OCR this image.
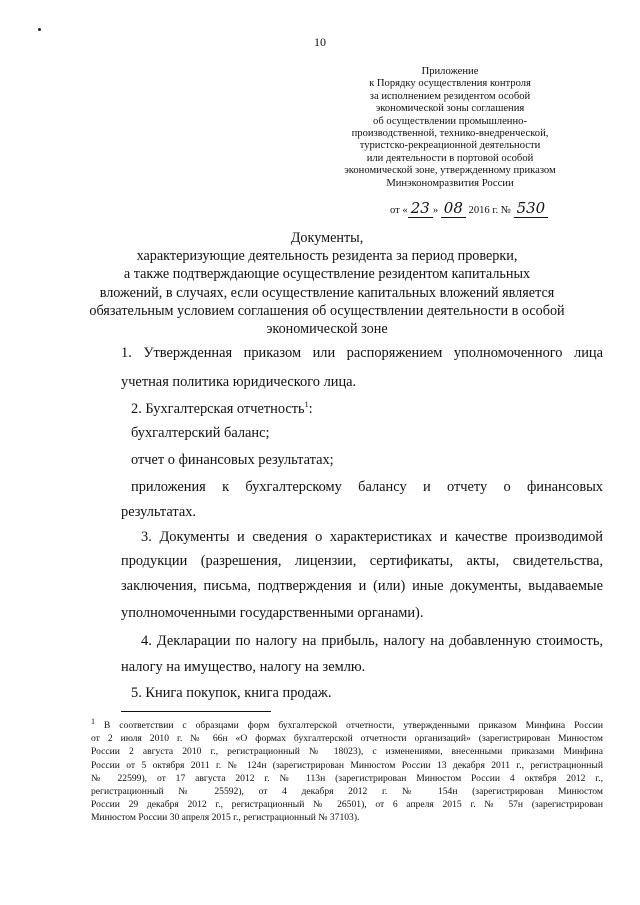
10
Приложение
к Порядку осуществления контроля
за исполнением резидентом особой
экономической зоны соглашения
об осуществлении промышленно-
производственной, технико-внедренческой,
туристско-рекреационной деятельности
или деятельности в портовой особой
экономической зоне, утвержденному приказом
Минэкономразвития России
от « 23 » 08 2016 г. № 530
Документы,
характеризующие деятельность резидента за период проверки,
а также подтверждающие осуществление резидентом капитальных
вложений, в случаях, если осуществление капитальных вложений является
обязательным условием соглашения об осуществлении деятельности в особой
экономической зоне
1. Утвержденная приказом или распоряжением уполномоченного лица
учетная политика юридического лица.
2. Бухгалтерская отчетность$^1$:
бухгалтерский баланс;
отчет о финансовых результатах;
приложения к бухгалтерскому балансу и отчету о финансовых
результатах.
3. Документы и сведения о характеристиках и качестве производимой
продукции (разрешения, лицензии, сертификаты, акты, свидетельства,
заключения, письма, подтверждения и (или) иные документы, выдаваемые
уполномоченными государственными органами).
4. Декларации по налогу на прибыль, налогу на добавленную стоимость,
налогу на имущество, налогу на землю.
5. Книга покупок, книга продаж.
$^1$ В соответствии с образцами форм бухгалтерской отчетности, утвержденными приказом Минфина России
от 2 июля 2010 г. № 66н «О формах бухгалтерской отчетности организаций» (зарегистрирован Минюстом
России 2 августа 2010 г., регистрационный № 18023), с изменениями, внесенными приказами Минфина
России от 5 октября 2011 г. № 124н (зарегистрирован Минюстом России 13 декабря 2011 г., регистрационный
№ 22599), от 17 августа 2012 г. № 113н (зарегистрирован Минюстом России 4 октября 2012 г.,
регистрационный № 25592), от 4 декабря 2012 г. № 154н (зарегистрирован Минюстом
России 29 декабря 2012 г., регистрационный № 26501), от 6 апреля 2015 г. № 57н (зарегистрирован
Минюстом России 30 апреля 2015 г., регистрационный № 37103).
